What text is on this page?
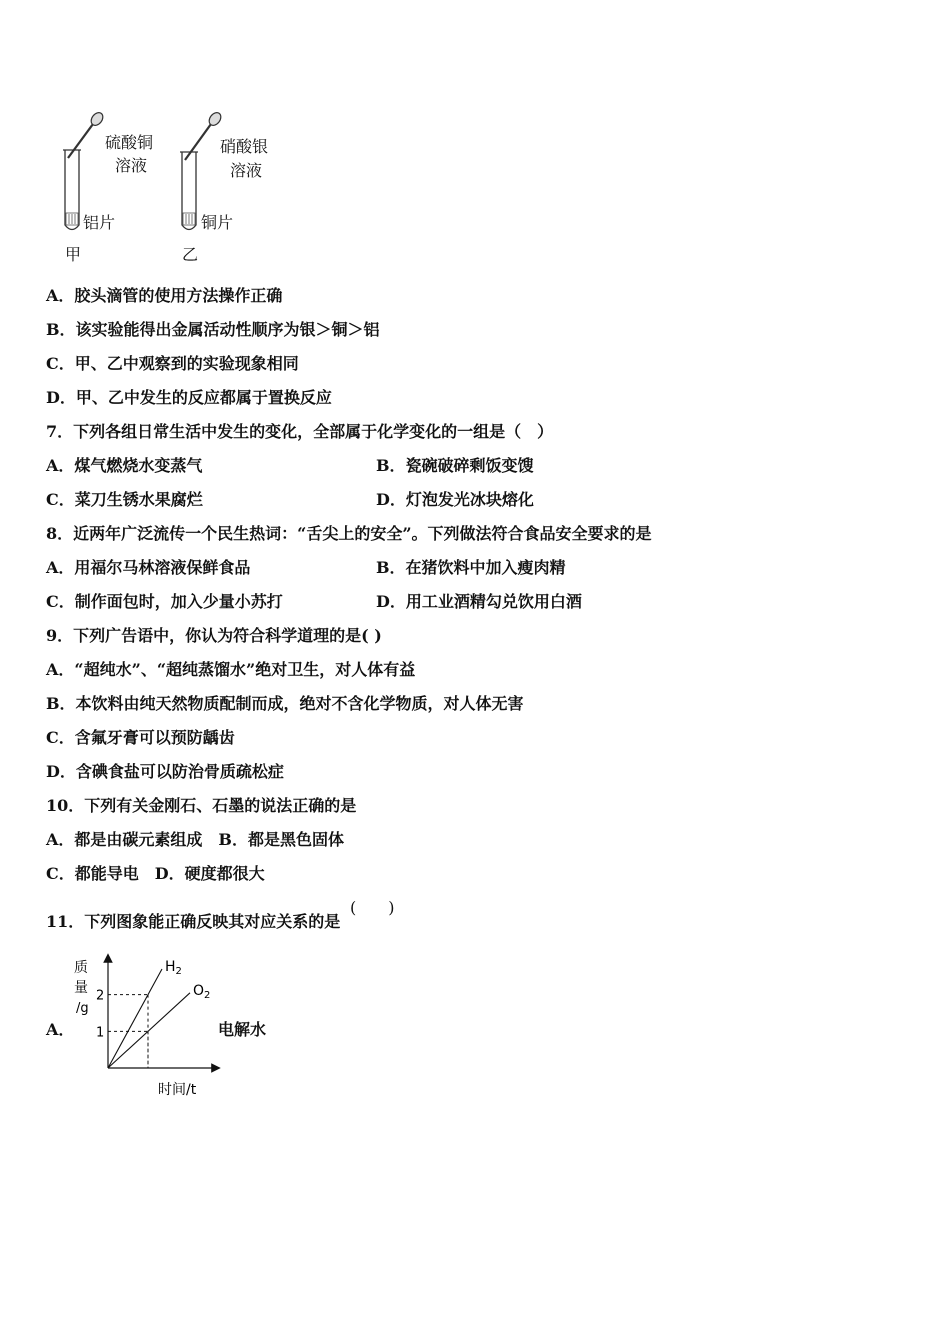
硫酸铜
溶液
铝片
甲
硝酸银
溶液
铜片
乙
A．胶头滴管的使用方法操作正确
B．该实验能得出金属活动性顺序为银＞铜＞铝
C．甲、乙中观察到的实验现象相同
D．甲、乙中发生的反应都属于置换反应
7．下列各组日常生活中发生的变化，全部属于化学变化的一组是（　）
A．煤气燃烧水变蒸气	B．瓷碗破碎剩饭变馊
C．菜刀生锈水果腐烂	D．灯泡发光冰块熔化
8．近两年广泛流传一个民生热词：“舌尖上的安全”。下列做法符合食品安全要求的是
A．用福尔马林溶液保鲜食品	B．在猪饮料中加入瘦肉精
C．制作面包时，加入少量小苏打	D．用工业酒精勾兑饮用白酒
9．下列广告语中，你认为符合科学道理的是( )
A．“超纯水”、“超纯蒸馏水”绝对卫生，对人体有益
B．本饮料由纯天然物质配制而成，绝对不含化学物质，对人体无害
C．含氟牙膏可以预防龋齿
D．含碘食盐可以防治骨质疏松症
10．下列有关金刚石、石墨的说法正确的是
A．都是由碳元素组成　B．都是黑色固体
C．都能导电　D．硬度都很大
11．下列图象能正确反映其对应关系的是
(　　)
A．	电解水
质
量
/g
时间/t
1
2
$H_2$
$O_2$
